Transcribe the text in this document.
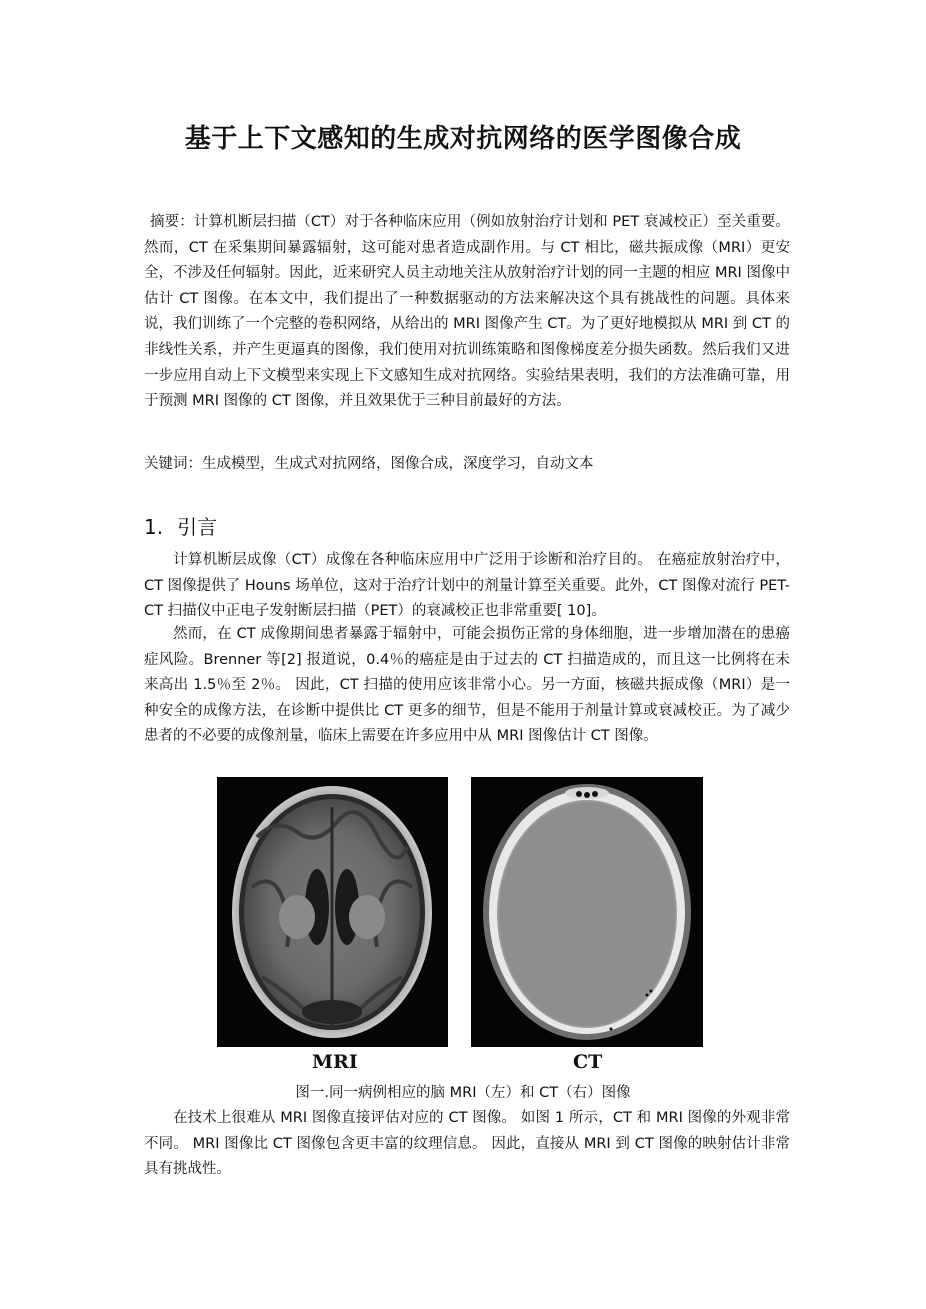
基于上下文感知的生成对抗网络的医学图像合成
摘要：计算机断层扫描（CT）对于各种临床应用（例如放射治疗计划和 PET 衰减校正）至关重要。然而，CT 在采集期间暴露辐射，这可能对患者造成副作用。与 CT 相比，磁共振成像（MRI）更安全，不涉及任何辐射。因此，近来研究人员主动地关注从放射治疗计划的同一主题的相应 MRI 图像中估计 CT 图像。在本文中，我们提出了一种数据驱动的方法来解决这个具有挑战性的问题。具体来说，我们训练了一个完整的卷积网络，从给出的 MRI 图像产生 CT。为了更好地模拟从 MRI 到 CT 的非线性关系，并产生更逼真的图像，我们使用对抗训练策略和图像梯度差分损失函数。然后我们又进一步应用自动上下文模型来实现上下文感知生成对抗网络。实验结果表明，我们的方法准确可靠，用于预测 MRI 图像的 CT 图像，并且效果优于三种目前最好的方法。
关键词：生成模型，生成式对抗网络，图像合成，深度学习，自动文本
1. 引言
计算机断层成像（CT）成像在各种临床应用中广泛用于诊断和治疗目的。 在癌症放射治疗中，CT 图像提供了 Houns 场单位，这对于治疗计划中的剂量计算至关重要。此外，CT 图像对流行 PET-CT 扫描仪中正电子发射断层扫描（PET）的衰减校正也非常重要[ 10]。
然而，在 CT 成像期间患者暴露于辐射中，可能会损伤正常的身体细胞，进一步增加潜在的患癌症风险。Brenner 等[2] 报道说，0.4％的癌症是由于过去的 CT 扫描造成的，而且这一比例将在未来高出 1.5％至 2％。 因此，CT 扫描的使用应该非常小心。另一方面，核磁共振成像（MRI）是一种安全的成像方法，在诊断中提供比 CT 更多的细节，但是不能用于剂量计算或衰减校正。为了减少患者的不必要的成像剂量，临床上需要在许多应用中从 MRI 图像估计 CT 图像。
MRI	CT
图一.同一病例相应的脑 MRI（左）和 CT（右）图像
在技术上很难从 MRI 图像直接评估对应的 CT 图像。 如图 1 所示，CT 和 MRI 图像的外观非常不同。 MRI 图像比 CT 图像包含更丰富的纹理信息。 因此，直接从 MRI 到 CT 图像的映射估计非常具有挑战性。
